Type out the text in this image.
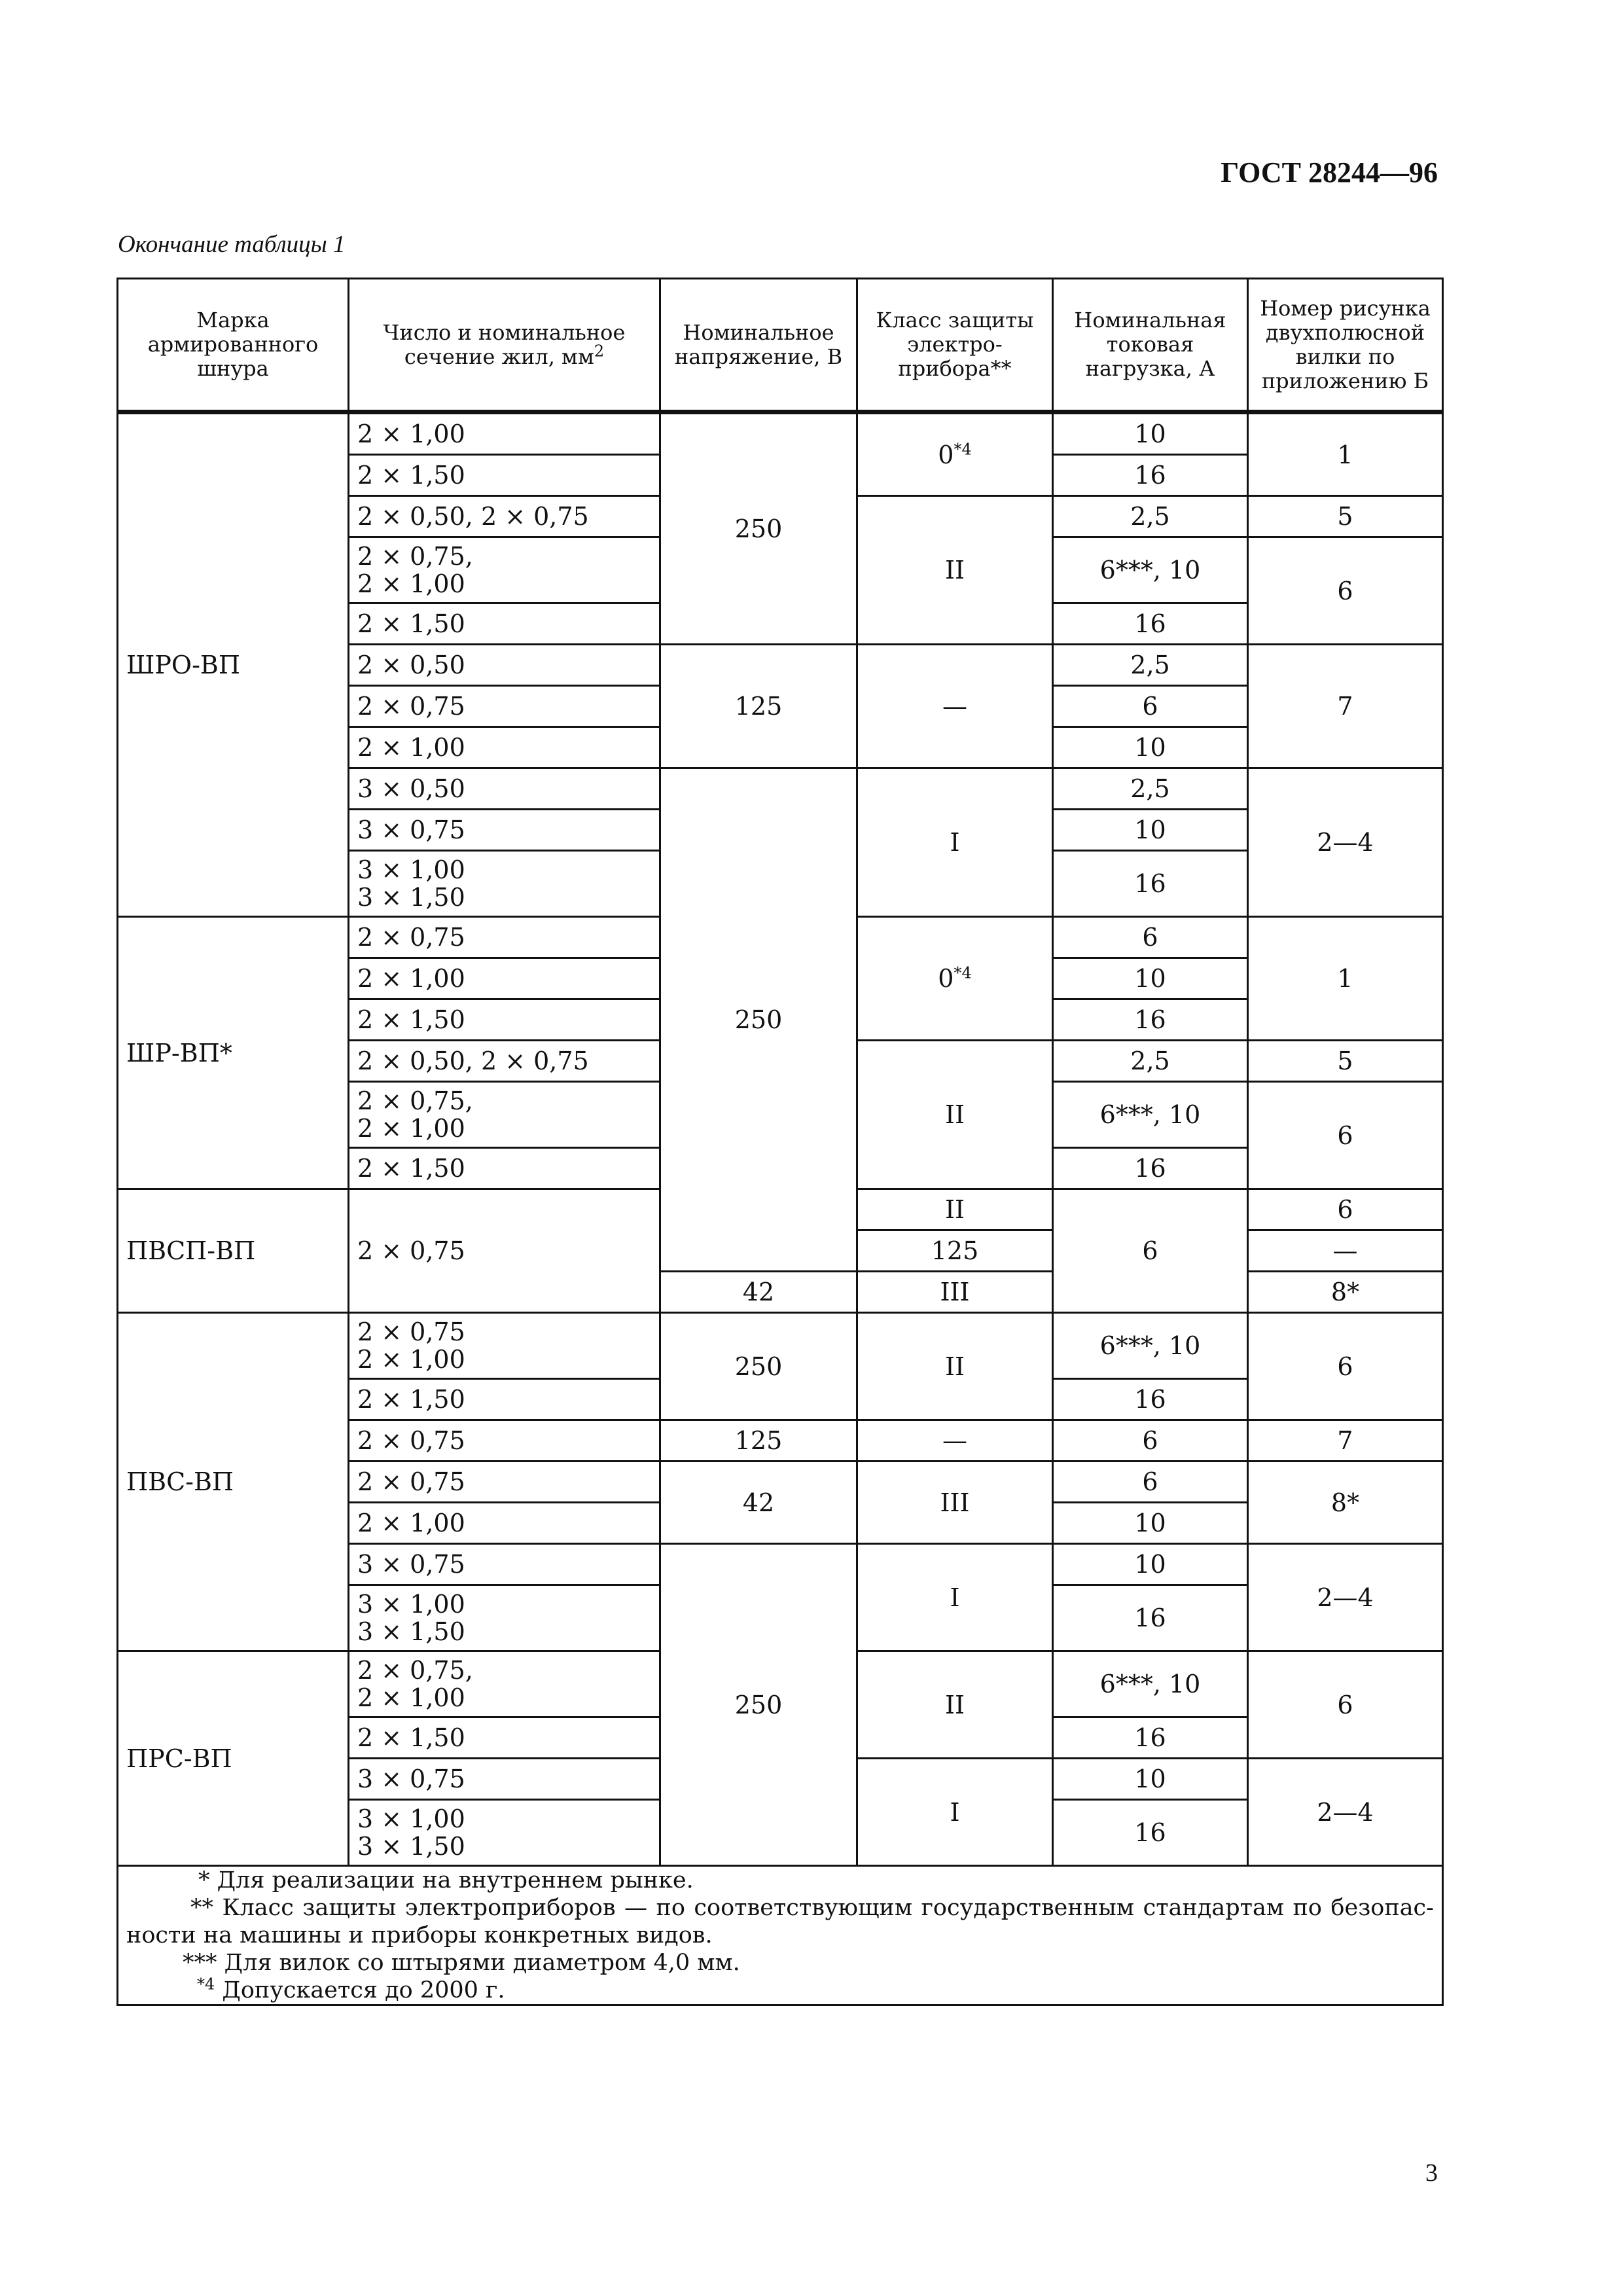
ГОСТ 28244—96
Окончание таблицы 1
Марка армированного шнура	Число и номинальное сечение жил, $мм^2$	Номинальное напряжение, В	Класс защиты электро-прибора**	Номинальная токовая нагрузка, А	Номер рисунка двухполюсной вилки по приложению Б	
ШРО-ВП	2 × 1,00	250	0$^{*4}$	10	1	
	2 × 1,50			16		
	2 × 0,50, 2 × 0,75		II	2,5	5	
	2 × 0,75,
2 × 1,00			6***, 10	6	
	2 × 1,50			16		
	2 × 0,50	125	—	2,5	7	
	2 × 0,75			6		
	2 × 1,00			10		
	3 × 0,50	250	I	2,5	2—4	
	3 × 0,75			10		
	3 × 1,00
3 × 1,50			16		
ШР-ВП*	2 × 0,75		0$^{*4}$	6	1	
	2 × 1,00			10		
	2 × 1,50			16		
	2 × 0,50, 2 × 0,75		II	2,5	5	
	2 × 0,75,
2 × 1,00			6***, 10	6	
	2 × 1,50			16		
ПВСП-ВП	2 × 0,75		II	6	6	
			125		—	
		42	III		8*	
ПВС-ВП	2 × 0,75
2 × 1,00	250	II	6***, 10	6	
	2 × 1,50			16		
	2 × 0,75	125	—	6	7	
	2 × 0,75	42	III	6	8*	
	2 × 1,00			10		
	3 × 0,75	250	I	10	2—4	
	3 × 1,00
3 × 1,50			16		
ПРС-ВП	2 × 0,75,
2 × 1,00		II	6***, 10	6	
	2 × 1,50			16		
	3 × 0,75		I	10	2—4	
	3 × 1,00
3 × 1,50			16		

* Для реализации на внутреннем рынке.
** Класс защиты электроприборов — по соответствующим государственным стандартам по безопас-
ности на машины и приборы конкретных видов.
*** Для вилок со штырями диаметром 4,0 мм.
$^{*4}$ Допускается до 2000 г.						
3
